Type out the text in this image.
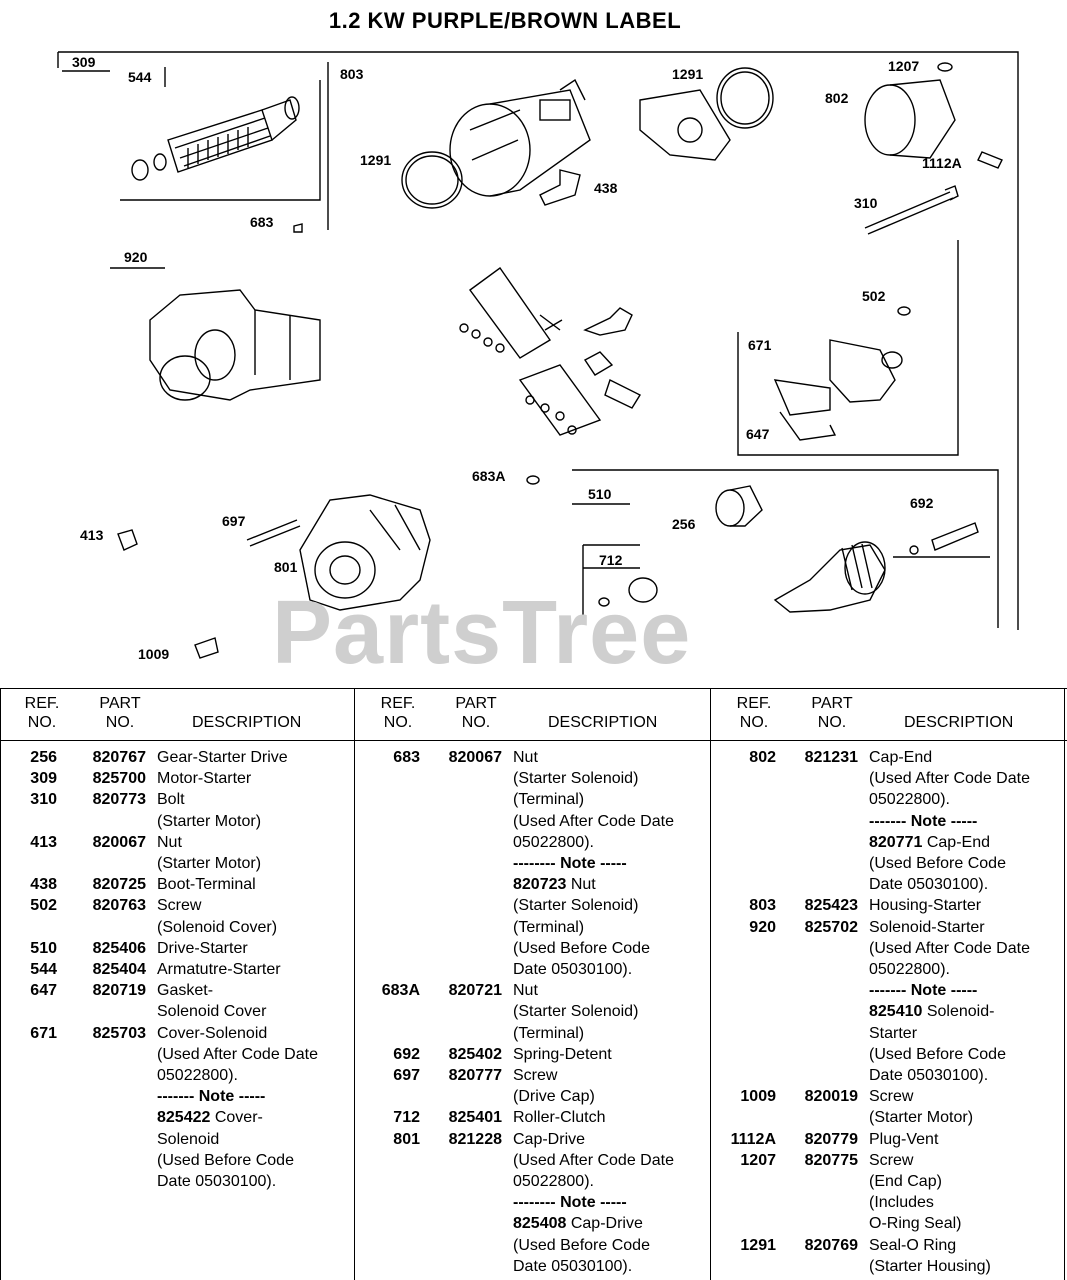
1.2 KW PURPLE/BROWN LABEL
309
544
683
803	1291
1291
438
1207
802
1112A
310
920
502
671
647
683A
510
256
692
697
413
712
801
1009 PartsTree
REF.
NO.
PART
NO.	DESCRIPTION
256	820767 Gear-Starter Drive
309	825700 Motor-Starter
310	820773 Bolt
(Starter Motor)
413	820067 Nut
(Starter Motor)
438	820725 Boot-Terminal
502	820763 Screw
(Solenoid Cover)
510	825406 Drive-Starter
544	825404 Armatutre-Starter
647	820719 Gasket-
Solenoid Cover
671	825703 Cover-Solenoid
(Used After Code Date
05022800).
------- Note -----
825422 Cover-
Solenoid
(Used Before Code
Date 05030100).
REF.
NO.
PART
NO.	DESCRIPTION
683	820067 Nut
(Starter Solenoid)
(Terminal)
(Used After Code Date
05022800).
-------- Note -----
820723 Nut
(Starter Solenoid)
(Terminal)
(Used Before Code
Date 05030100).
683A	820721 Nut
(Starter Solenoid)
(Terminal)
692	825402 Spring-Detent
697	820777 Screw
(Drive Cap)
712	825401 Roller-Clutch
801	821228 Cap-Drive
(Used After Code Date
05022800).
-------- Note -----
825408 Cap-Drive
(Used Before Code
Date 05030100).
REF.
NO.
PART
NO.	DESCRIPTION
802	821231 Cap-End
(Used After Code Date
05022800).
------- Note -----
820771 Cap-End
(Used Before Code
Date 05030100).
803	825423 Housing-Starter
920	825702 Solenoid-Starter
(Used After Code Date
05022800).
------- Note -----
825410 Solenoid-
Starter
(Used Before Code
Date 05030100).
1009	820019 Screw
(Starter Motor)
1112A	820779 Plug-Vent
1207	820775 Screw
(End Cap)
(Includes
O-Ring Seal)
1291	820769 Seal-O Ring
(Starter Housing)
